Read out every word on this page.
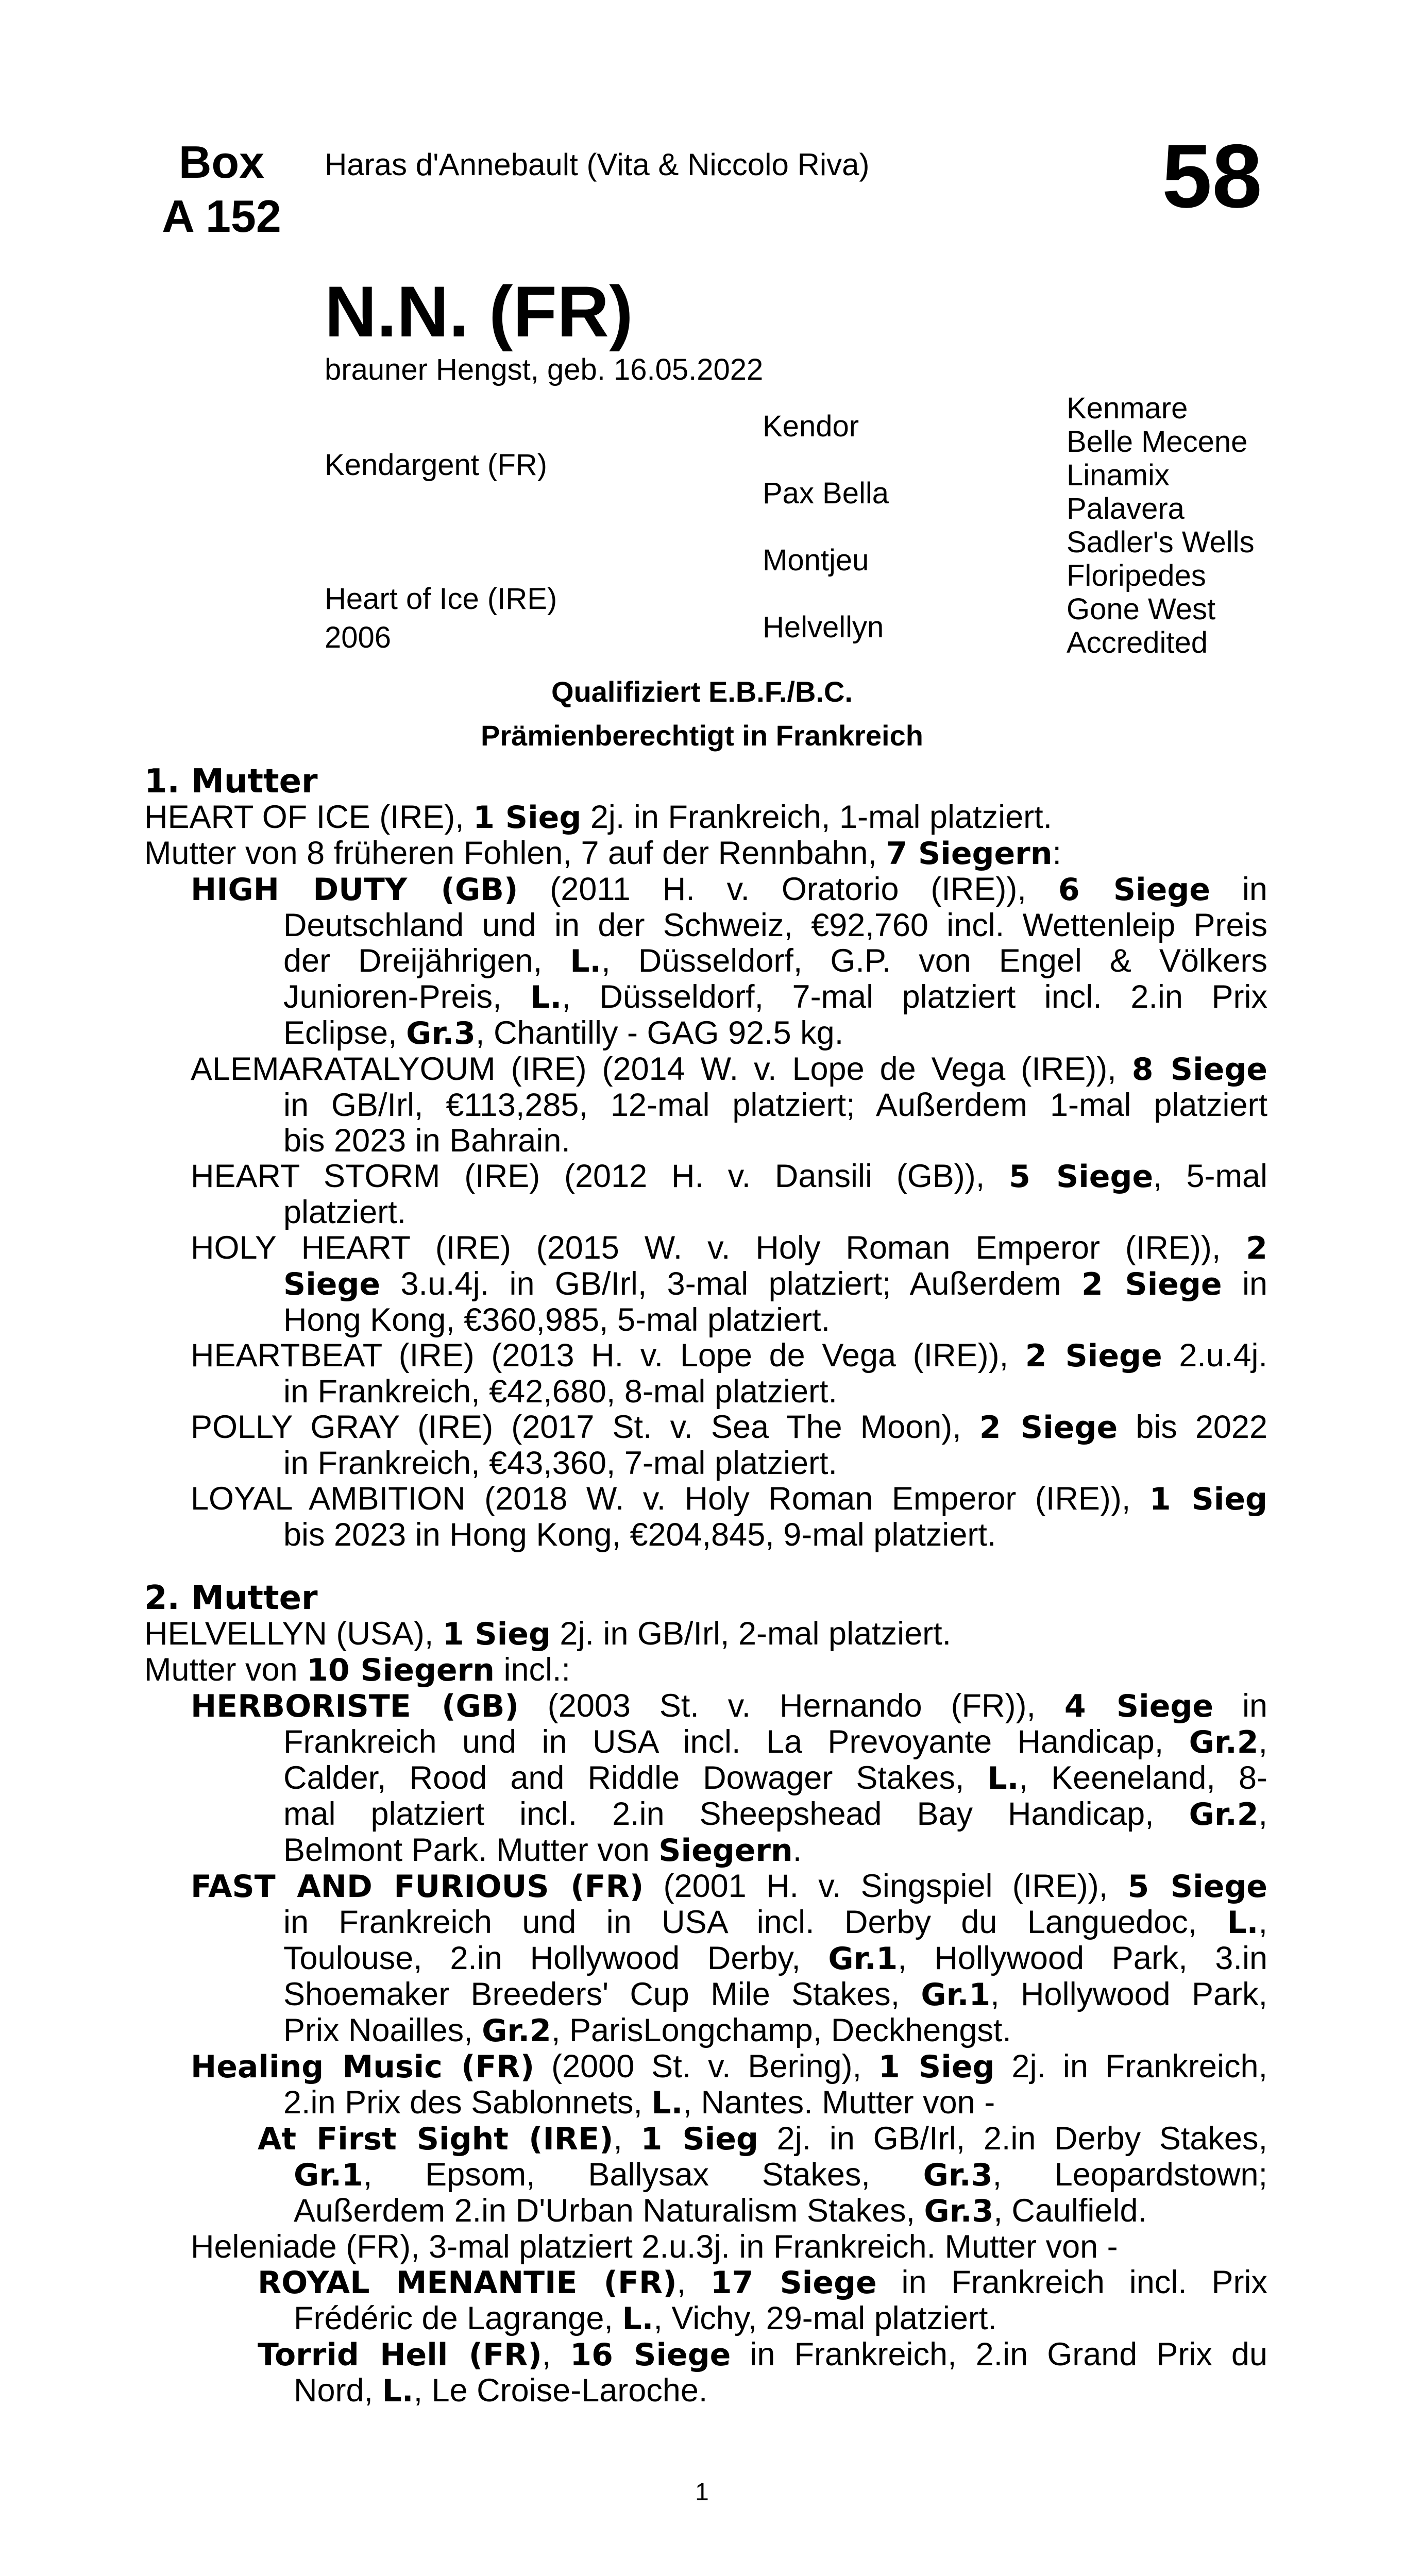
Box
A 152
Haras d'Annebault (Vita & Niccolo Riva)	58
N.N. (FR)
brauner Hengst, geb. 16.05.2022
Kendargent (FR)
Heart of Ice (IRE)
2006
Kendor
Pax Bella
Montjeu
Helvellyn
Kenmare
Belle Mecene
Linamix
Palavera
Sadler's Wells
Floripedes
Gone West
Accredited
Qualifiziert E.B.F./B.C.
Prämienberechtigt in Frankreich
1. Mutter
HEART OF ICE (IRE), 1 Sieg 2j. in Frankreich, 1-mal platziert.
Mutter von 8 früheren Fohlen, 7 auf der Rennbahn, 7 Siegern:
HIGH DUTY (GB) (2011 H. v. Oratorio (IRE)), 6 Siege in
Deutschland und in der Schweiz, €92,760 incl. Wettenleip Preis
der Dreijährigen, L., Düsseldorf, G.P. von Engel & Völkers
Junioren-Preis, L., Düsseldorf, 7-mal platziert incl. 2.in Prix
Eclipse, Gr.3, Chantilly - GAG 92.5 kg.
ALEMARATALYOUM (IRE) (2014 W. v. Lope de Vega (IRE)), 8 Siege
in GB/Irl, €113,285, 12-mal platziert; Außerdem 1-mal platziert
bis 2023 in Bahrain.
HEART STORM (IRE) (2012 H. v. Dansili (GB)), 5 Siege, 5-mal
platziert.
HOLY HEART (IRE) (2015 W. v. Holy Roman Emperor (IRE)), 2
Siege 3.u.4j. in GB/Irl, 3-mal platziert; Außerdem 2 Siege in
Hong Kong, €360,985, 5-mal platziert.
HEARTBEAT (IRE) (2013 H. v. Lope de Vega (IRE)), 2 Siege 2.u.4j.
in Frankreich, €42,680, 8-mal platziert.
POLLY GRAY (IRE) (2017 St. v. Sea The Moon), 2 Siege bis 2022
in Frankreich, €43,360, 7-mal platziert.
LOYAL AMBITION (2018 W. v. Holy Roman Emperor (IRE)), 1 Sieg
bis 2023 in Hong Kong, €204,845, 9-mal platziert.
2. Mutter
HELVELLYN (USA), 1 Sieg 2j. in GB/Irl, 2-mal platziert.
Mutter von 10 Siegern incl.:
HERBORISTE (GB) (2003 St. v. Hernando (FR)), 4 Siege in
Frankreich und in USA incl. La Prevoyante Handicap, Gr.2,
Calder, Rood and Riddle Dowager Stakes, L., Keeneland, 8-
mal platziert incl. 2.in Sheepshead Bay Handicap, Gr.2,
Belmont Park. Mutter von Siegern.
FAST AND FURIOUS (FR) (2001 H. v. Singspiel (IRE)), 5 Siege
in Frankreich und in USA incl. Derby du Languedoc, L.,
Toulouse, 2.in Hollywood Derby, Gr.1, Hollywood Park, 3.in
Shoemaker Breeders' Cup Mile Stakes, Gr.1, Hollywood Park,
Prix Noailles, Gr.2, ParisLongchamp, Deckhengst.
Healing Music (FR) (2000 St. v. Bering), 1 Sieg 2j. in Frankreich,
2.in Prix des Sablonnets, L., Nantes. Mutter von -
At First Sight (IRE), 1 Sieg 2j. in GB/Irl, 2.in Derby Stakes,
Gr.1, Epsom, Ballysax Stakes, Gr.3, Leopardstown;
Außerdem 2.in D'Urban Naturalism Stakes, Gr.3, Caulfield.
Heleniade (FR), 3-mal platziert 2.u.3j. in Frankreich. Mutter von -
ROYAL MENANTIE (FR), 17 Siege in Frankreich incl. Prix
Frédéric de Lagrange, L., Vichy, 29-mal platziert.
Torrid Hell (FR), 16 Siege in Frankreich, 2.in Grand Prix du
Nord, L., Le Croise-Laroche.
1
